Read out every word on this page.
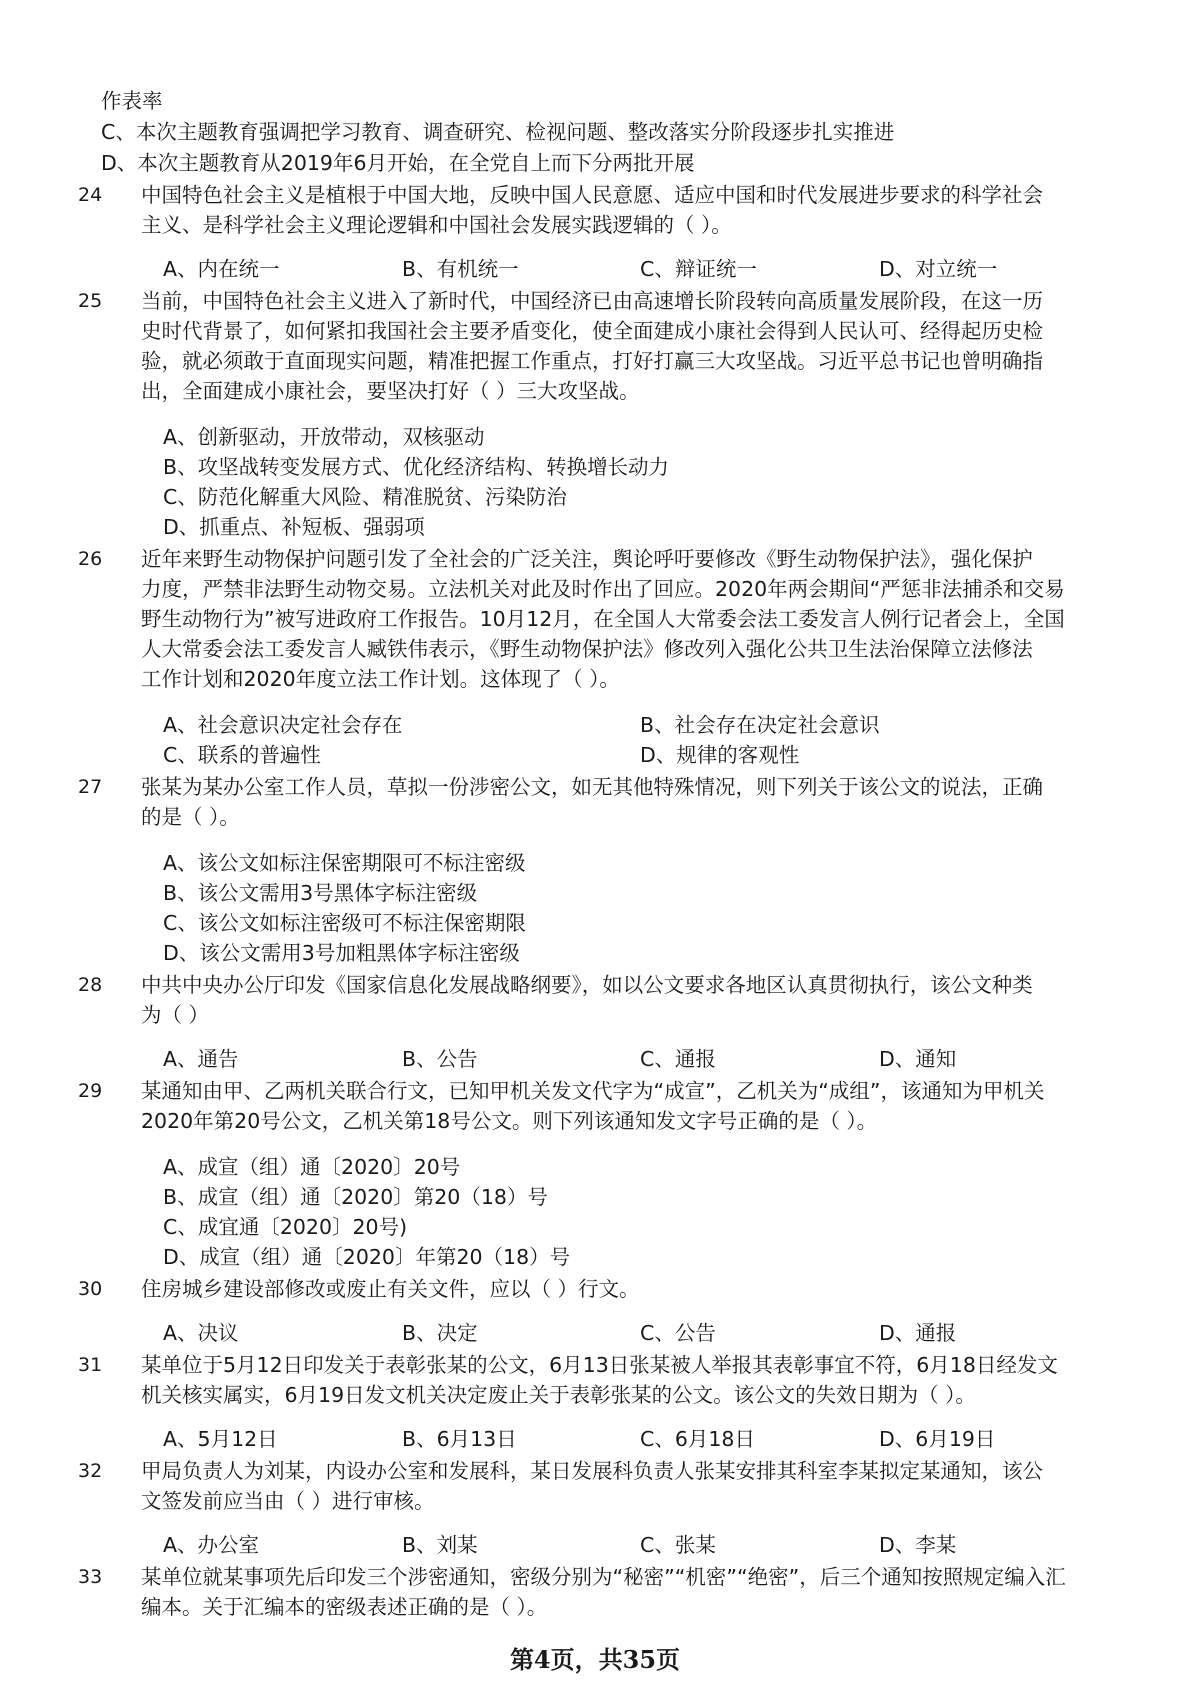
作表率
C、本次主题教育强调把学习教育、调查研究、检视问题、整改落实分阶段逐步扎实推进
D、本次主题教育从2019年6月开始，在全党自上而下分两批开展
24 中国特色社会主义是植根于中国大地，反映中国人民意愿、适应中国和时代发展进步要求的科学社会
主义、是科学社会主义理论逻辑和中国社会发展实践逻辑的（ ）。
A、内在统一	B、有机统一	C、辩证统一	D、对立统一
25 当前，中国特色社会主义进入了新时代，中国经济已由高速增长阶段转向高质量发展阶段，在这一历
史时代背景了，如何紧扣我国社会主要矛盾变化，使全面建成小康社会得到人民认可、经得起历史检
验，就必须敢于直面现实问题，精准把握工作重点，打好打赢三大攻坚战。习近平总书记也曾明确指
出，全面建成小康社会，要坚决打好（ ）三大攻坚战。
A、创新驱动，开放带动，双核驱动
B、攻坚战转变发展方式、优化经济结构、转换增长动力
C、防范化解重大风险、精准脱贫、污染防治
D、抓重点、补短板、强弱项
26 近年来野生动物保护问题引发了全社会的广泛关注，舆论呼吁要修改《野生动物保护法》，强化保护
力度，严禁非法野生动物交易。立法机关对此及时作出了回应。2020年两会期间“严惩非法捕杀和交易
野生动物行为”被写进政府工作报告。10月12月，在全国人大常委会法工委发言人例行记者会上，全国
人大常委会法工委发言人臧铁伟表示，《野生动物保护法》修改列入强化公共卫生法治保障立法修法
工作计划和2020年度立法工作计划。这体现了（ ）。
A、社会意识决定社会存在	B、社会存在决定社会意识
C、联系的普遍性	D、规律的客观性
27 张某为某办公室工作人员，草拟一份涉密公文，如无其他特殊情况，则下列关于该公文的说法，正确
的是（ ）。
A、该公文如标注保密期限可不标注密级
B、该公文需用3号黑体字标注密级
C、该公文如标注密级可不标注保密期限
D、该公文需用3号加粗黑体字标注密级
28 中共中央办公厅印发《国家信息化发展战略纲要》，如以公文要求各地区认真贯彻执行，该公文种类
为（ ）
A、通告	B、公告	C、通报	D、通知
29 某通知由甲、乙两机关联合行文，已知甲机关发文代字为“成宣”，乙机关为“成组”，该通知为甲机关
2020年第20号公文，乙机关第18号公文。则下列该通知发文字号正确的是（ ）。
A、成宣（组）通〔2020〕20号
B、成宣（组）通〔2020〕第20（18）号
C、成宜通〔2020〕20号)
D、成宣（组）通〔2020〕年第20（18）号
30 住房城乡建设部修改或废止有关文件，应以（ ）行文。
A、决议	B、决定	C、公告	D、通报
31 某单位于5月12日印发关于表彰张某的公文，6月13日张某被人举报其表彰事宜不符，6月18日经发文
机关核实属实，6月19日发文机关决定废止关于表彰张某的公文。该公文的失效日期为（ ）。
A、5月12日	B、6月13日	C、6月18日	D、6月19日
32 甲局负责人为刘某，内设办公室和发展科，某日发展科负责人张某安排其科室李某拟定某通知，该公
文签发前应当由（ ）进行审核。
A、办公室	B、刘某	C、张某	D、李某
33 某单位就某事项先后印发三个涉密通知，密级分别为“秘密”“机密”“绝密”，后三个通知按照规定编入汇
编本。关于汇编本的密级表述正确的是（ ）。
第4页，共35页
